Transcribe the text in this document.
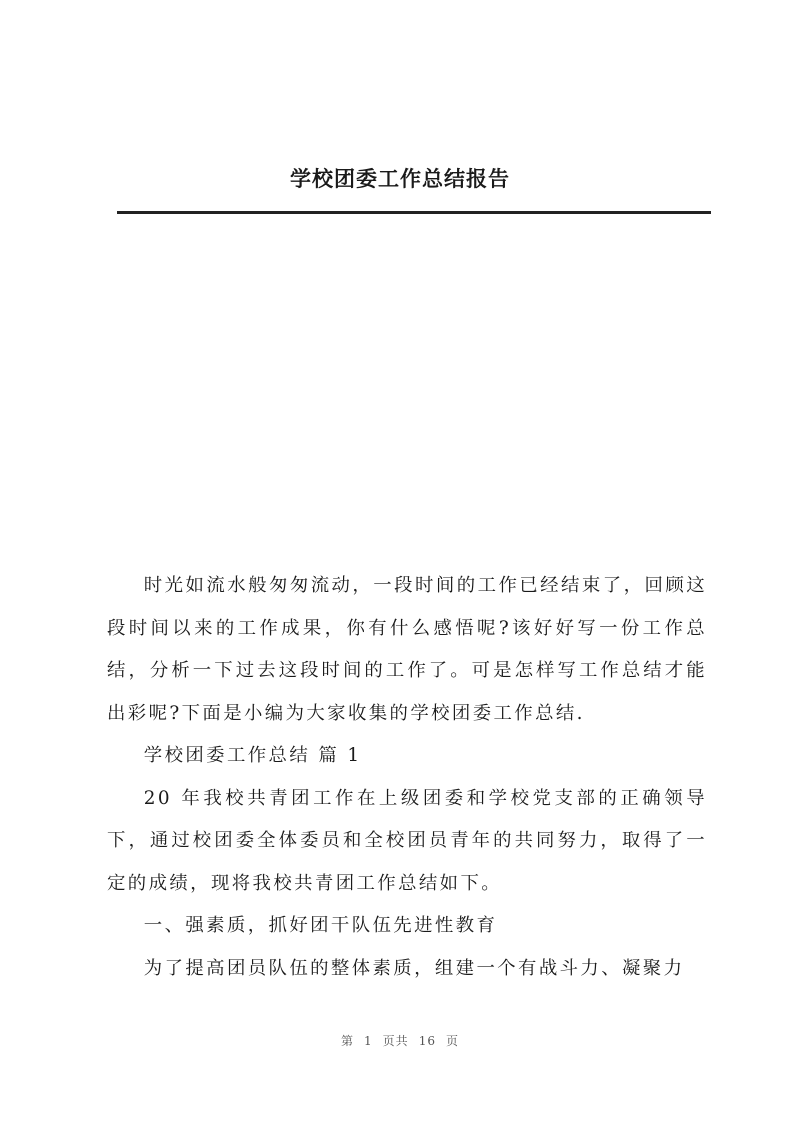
学校团委工作总结报告

时光如流水般匆匆流动，一段时间的工作已经结束了，回顾这段时间以来的工作成果，你有什么感悟呢?该好好写一份工作总结，分析一下过去这段时间的工作了。可是怎样写工作总结才能出彩呢?下面是小编为大家收集的学校团委工作总结.

学校团委工作总结 篇 1

20 年我校共青团工作在上级团委和学校党支部的正确领导下，通过校团委全体委员和全校团员青年的共同努力，取得了一定的成绩，现将我校共青团工作总结如下。

一、强素质，抓好团干队伍先进性教育

为了提高团员队伍的整体素质，组建一个有战斗力、凝聚力

第 1 页共 16 页
